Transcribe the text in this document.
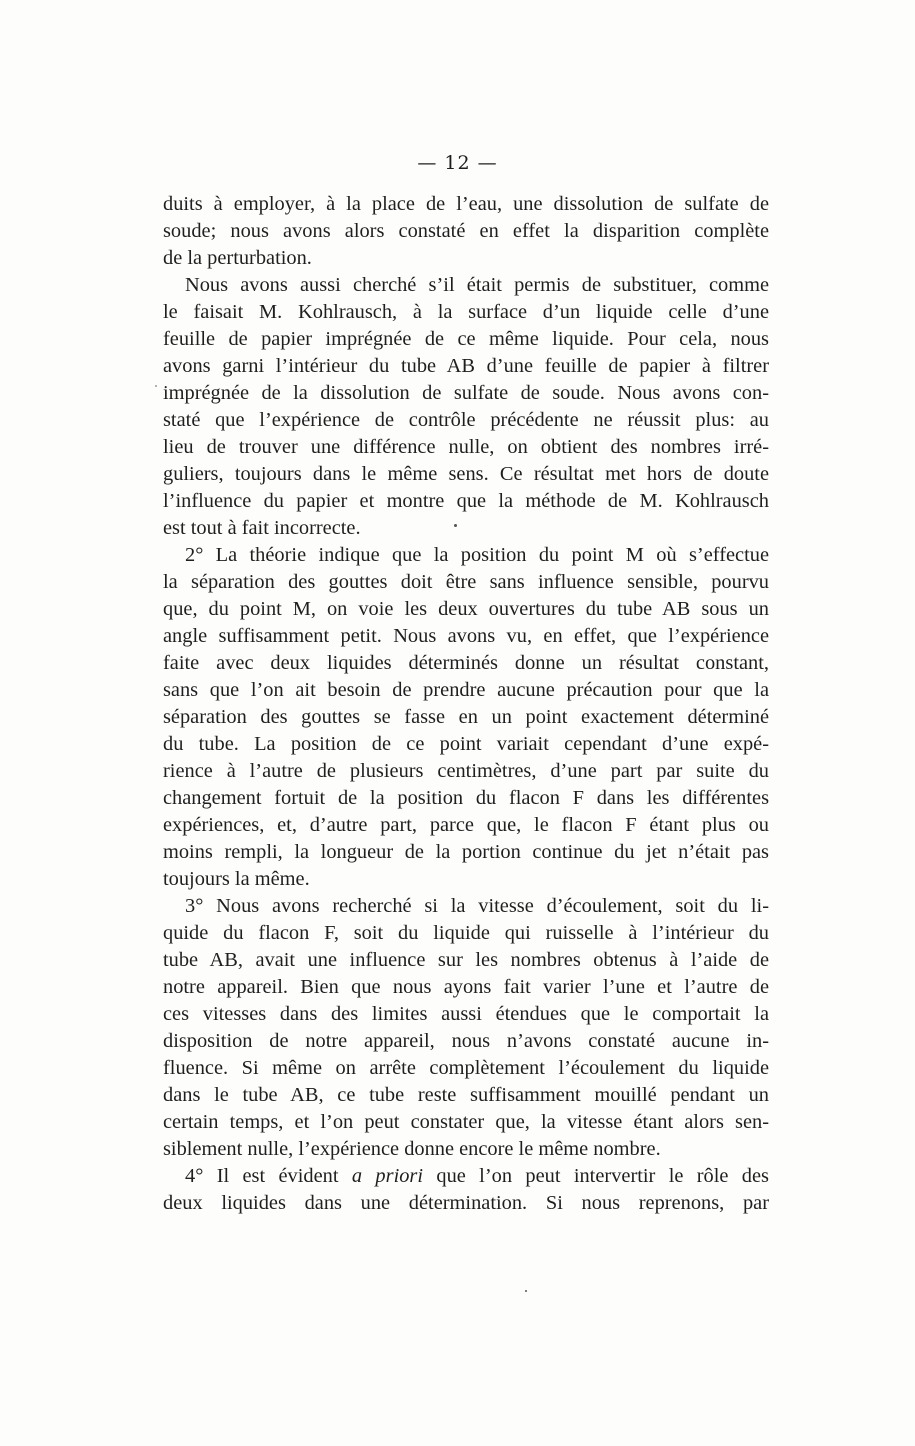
— 12 —
duits à employer, à la place de l’eau, une dissolution de sulfate de
soude; nous avons alors constaté en effet la disparition complète
de la perturbation.
Nous avons aussi cherché s’il était permis de substituer, comme
le faisait M. Kohlrausch, à la surface d’un liquide celle d’une
feuille de papier imprégnée de ce même liquide. Pour cela, nous
avons garni l’intérieur du tube AB d’une feuille de papier à filtrer
imprégnée de la dissolution de sulfate de soude. Nous avons con-
staté que l’expérience de contrôle précédente ne réussit plus: au
lieu de trouver une différence nulle, on obtient des nombres irré-
guliers, toujours dans le même sens. Ce résultat met hors de doute
l’influence du papier et montre que la méthode de M. Kohlrausch
est tout à fait incorrecte.
2° La théorie indique que la position du point M où s’effectue
la séparation des gouttes doit être sans influence sensible, pourvu
que, du point M, on voie les deux ouvertures du tube AB sous un
angle suffisamment petit. Nous avons vu, en effet, que l’expérience
faite avec deux liquides déterminés donne un résultat constant,
sans que l’on ait besoin de prendre aucune précaution pour que la
séparation des gouttes se fasse en un point exactement déterminé
du tube. La position de ce point variait cependant d’une expé-
rience à l’autre de plusieurs centimètres, d’une part par suite du
changement fortuit de la position du flacon F dans les différentes
expériences, et, d’autre part, parce que, le flacon F étant plus ou
moins rempli, la longueur de la portion continue du jet n’était pas
toujours la même.
3° Nous avons recherché si la vitesse d’écoulement, soit du li-
quide du flacon F, soit du liquide qui ruisselle à l’intérieur du
tube AB, avait une influence sur les nombres obtenus à l’aide de
notre appareil. Bien que nous ayons fait varier l’une et l’autre de
ces vitesses dans des limites aussi étendues que le comportait la
disposition de notre appareil, nous n’avons constaté aucune in-
fluence. Si même on arrête complètement l’écoulement du liquide
dans le tube AB, ce tube reste suffisamment mouillé pendant un
certain temps, et l’on peut constater que, la vitesse étant alors sen-
siblement nulle, l’expérience donne encore le même nombre.
4° Il est évident a priori que l’on peut intervertir le rôle des
deux liquides dans une détermination. Si nous reprenons, par
